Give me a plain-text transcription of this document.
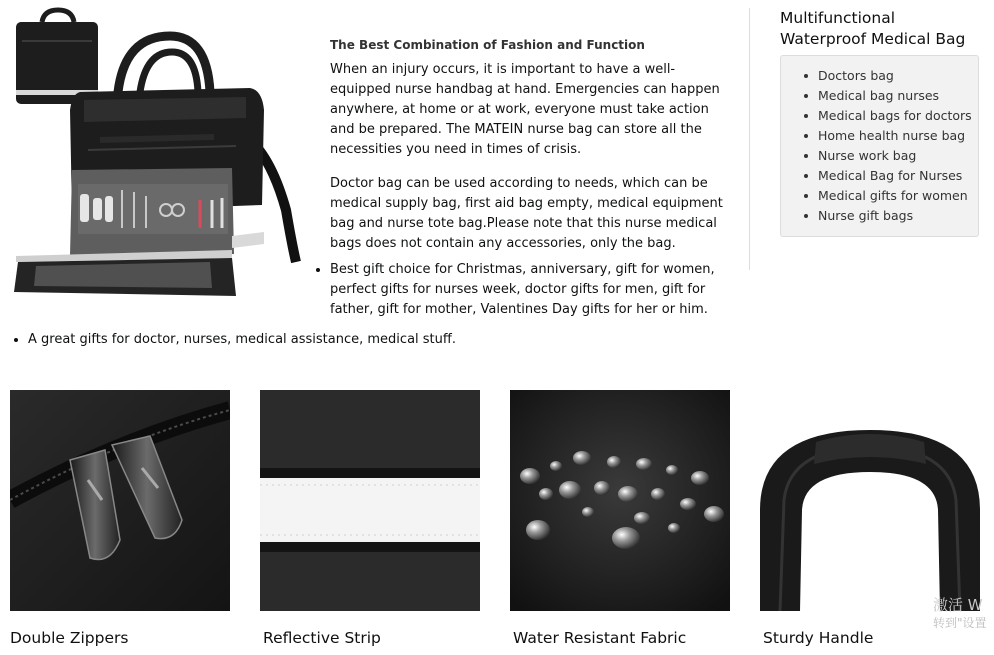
The Best Combination of Fashion and Function

When an injury occurs, it is important to have a well-equipped nurse handbag at hand. Emergencies can happen anywhere, at home or at work, everyone must take action and be prepared. The MATEIN nurse bag can store all the necessities you need in times of crisis.

Doctor bag can be used according to needs, which can be medical supply bag, first aid bag empty, medical equipment bag and nurse tote bag.Please note that this nurse medical bags does not contain any accessories, only the bag.

Best gift choice for Christmas, anniversary, gift for women, perfect gifts for nurses week, doctor gifts for men, gift for father, gift for mother, Valentines Day gifts for her or him.

A great gifts for doctor, nurses, medical assistance, medical stuff.

Multifunctional
Waterproof Medical Bag
Doctors bag
Medical bag nurses
Medical bags for doctors
Home health nurse bag
Nurse work bag
Medical Bag for Nurses
Medical gifts for women
Nurse gift bags
Double Zippers	Reflective Strip	Water Resistant Fabric	Sturdy Handle
激活 W
转到"设置
